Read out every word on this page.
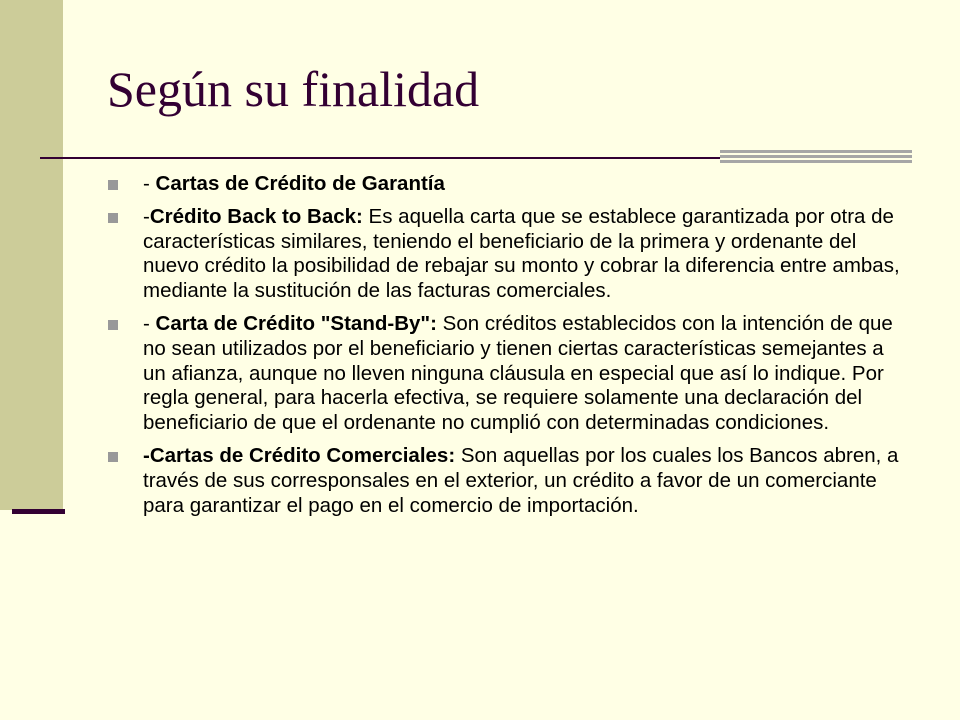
Según su finalidad
- Cartas de Crédito de Garantía
-Crédito Back to Back: Es aquella carta que se establece garantizada por otra de características similares, teniendo el beneficiario de la primera y ordenante del nuevo crédito la posibilidad de rebajar su monto y cobrar la diferencia entre ambas, mediante la sustitución de las facturas comerciales.
- Carta de Crédito "Stand-By": Son créditos establecidos con la intención de que no sean utilizados por el beneficiario y tienen ciertas características semejantes a un afianza, aunque no lleven ninguna cláusula en especial que así lo indique. Por regla general, para hacerla efectiva, se requiere solamente una declaración del beneficiario de que el ordenante no cumplió con determinadas condiciones.
-Cartas de Crédito Comerciales: Son aquellas por los cuales los Bancos abren, a través de sus corresponsales en el exterior, un crédito a favor de un comerciante para garantizar el pago en el comercio de importación.
